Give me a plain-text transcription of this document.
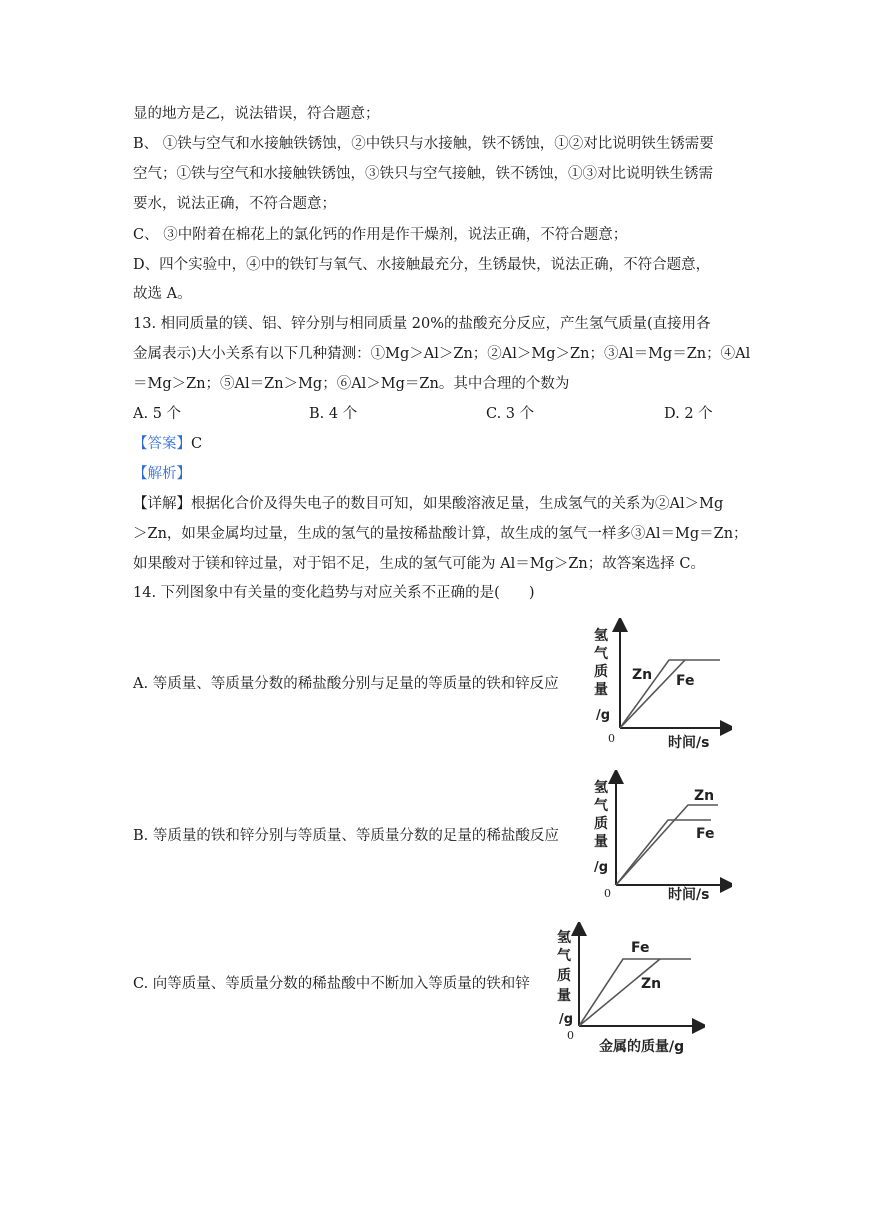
显的地方是乙，说法错误，符合题意；
B、 ①铁与空气和水接触铁锈蚀，②中铁只与水接触，铁不锈蚀，①②对比说明铁生锈需要
空气；①铁与空气和水接触铁锈蚀，③铁只与空气接触，铁不锈蚀，①③对比说明铁生锈需
要水，说法正确，不符合题意；
C、 ③中附着在棉花上的氯化钙的作用是作干燥剂，说法正确，不符合题意；
D、四个实验中，④中的铁钉与氧气、水接触最充分，生锈最快，说法正确，不符合题意，
故选 A。
13. 相同质量的镁、铝、锌分别与相同质量 20%的盐酸充分反应，产生氢气质量(直接用各
金属表示)大小关系有以下几种猜测：①Mg＞Al＞Zn；②Al＞Mg＞Zn；③Al＝Mg＝Zn；④Al
＝Mg＞Zn；⑤Al＝Zn＞Mg；⑥Al＞Mg＝Zn。其中合理的个数为
A. 5 个	B. 4 个	C. 3 个	D. 2 个
【答案】C
【解析】
【详解】根据化合价及得失电子的数目可知，如果酸溶液足量，生成氢气的关系为②Al＞Mg
＞Zn，如果金属均过量，生成的氢气的量按稀盐酸计算，故生成的氢气一样多③Al＝Mg＝Zn；
如果酸对于镁和锌过量，对于铝不足，生成的氢气可能为 Al＝Mg＞Zn；故答案选择 C。
14. 下列图象中有关量的变化趋势与对应关系不正确的是(　　)
A. 等质量、等质量分数的稀盐酸分别与足量的等质量的铁和锌反应
B. 等质量的铁和锌分别与等质量、等质量分数的足量的稀盐酸反应
C. 向等质量、等质量分数的稀盐酸中不断加入等质量的铁和锌
氢
气
质
量
/g
0	时间/s
Zn Fe
氢
气
质
量
/g
0	时间/s
Zn
Fe
氢
气
质
量
/g
0
金属的质量/g
Fe
Zn
